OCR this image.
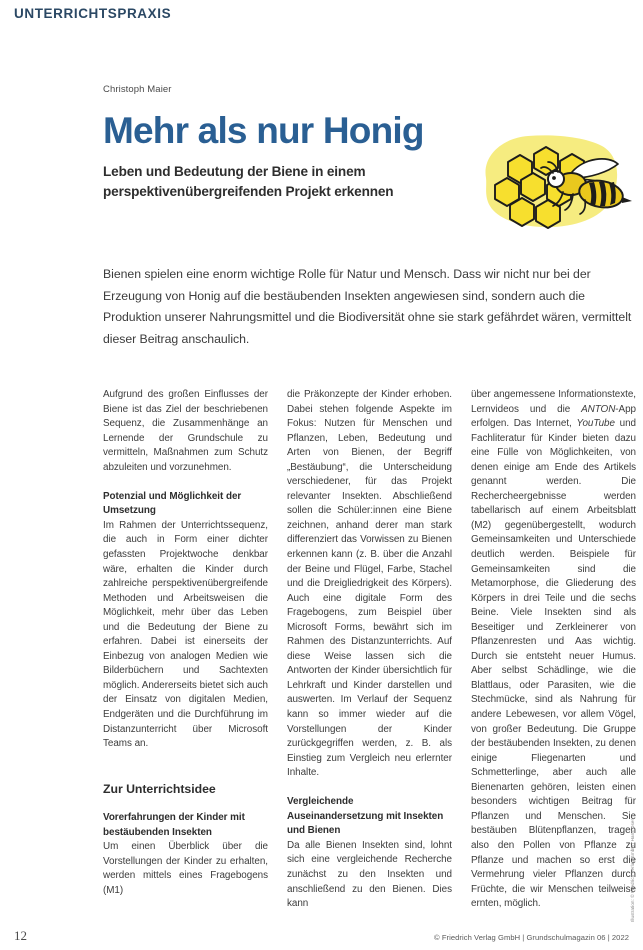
UNTERRICHTSPRAXIS
Christoph Maier
Mehr als nur Honig

Leben und Bedeutung der Biene in einem perspektivenübergreifenden Projekt erkennen

Bienen spielen eine enorm wichtige Rolle für Natur und Mensch. Dass wir nicht nur bei der Erzeugung von Honig auf die bestäubenden Insekten angewiesen sind, sondern auch die Produktion unserer Nahrungsmittel und die Biodiversität ohne sie stark gefährdet wären, vermittelt dieser Beitrag anschaulich.

Aufgrund des großen Einflusses der Biene ist das Ziel der beschriebenen Sequenz, die Zusammenhänge an Lernende der Grundschule zu vermitteln, Maßnahmen zum Schutz abzuleiten und vorzunehmen.

Potenzial und Möglichkeit der Umsetzung

Im Rahmen der Unterrichtssequenz, die auch in Form einer dichter gefassten Projektwoche denkbar wäre, erhalten die Kinder durch zahlreiche perspektivenübergreifende Methoden und Arbeitsweisen die Möglichkeit, mehr über das Leben und die Bedeutung der Biene zu erfahren. Dabei ist einerseits der Einbezug von analogen Medien wie Bilderbüchern und Sachtexten möglich. Andererseits bietet sich auch der Einsatz von digitalen Medien, Endgeräten und die Durchführung im Distanzunterricht über Microsoft Teams an.

Zur Unterrichtsidee
Vorerfahrungen der Kinder mit bestäubenden Insekten

Um einen Überblick über die Vorstellungen der Kinder zu erhalten, werden mittels eines Fragebogens (M1)

die Präkonzepte der Kinder erhoben. Dabei stehen folgende Aspekte im Fokus: Nutzen für Menschen und Pflanzen, Leben, Bedeutung und Arten von Bienen, der Begriff „Bestäubung“, die Unterscheidung verschiedener, für das Projekt relevanter Insekten. Abschließend sollen die Schüler:innen eine Biene zeichnen, anhand derer man stark differenziert das Vorwissen zu Bienen erkennen kann (z. B. über die Anzahl der Beine und Flügel, Farbe, Stachel und die Dreigliedrigkeit des Körpers). Auch eine digitale Form des Fragebogens, zum Beispiel über Microsoft Forms, bewährt sich im Rahmen des Distanzunterrichts. Auf diese Weise lassen sich die Antworten der Kinder übersichtlich für Lehrkraft und Kinder darstellen und auswerten. Im Verlauf der Sequenz kann so immer wieder auf die Vorstellungen der Kinder zurückgegriffen werden, z. B. als Einstieg zum Vergleich neu erlernter Inhalte.

Vergleichende Auseinandersetzung mit Insekten und Bienen

Da alle Bienen Insekten sind, lohnt sich eine vergleichende Recherche zunächst zu den Insekten und anschließend zu den Bienen. Dies kann

über angemessene Informationstexte, Lernvideos und die ANTON-App erfolgen. Das Internet, YouTube und Fachliteratur für Kinder bieten dazu eine Fülle von Möglichkeiten, von denen einige am Ende des Artikels genannt werden. Die Rechercheergebnisse werden tabellarisch auf einem Arbeitsblatt (M2) gegenübergestellt, wodurch Gemeinsamkeiten und Unterschiede deutlich werden. Beispiele für Gemeinsamkeiten sind die Metamorphose, die Gliederung des Körpers in drei Teile und die sechs Beine. Viele Insekten sind als Beseitiger und Zerkleinerer von Pflanzenresten und Aas wichtig. Durch sie entsteht neuer Humus. Aber selbst Schädlinge, wie die Blattlaus, oder Parasiten, wie die Stechmücke, sind als Nahrung für andere Lebewesen, vor allem Vögel, von großer Bedeutung. Die Gruppe der bestäubenden Insekten, zu denen einige Fliegenarten und Schmetterlinge, aber auch alle Bienenarten gehören, leisten einen besonders wichtigen Beitrag für Pflanzen und Menschen. Sie bestäuben Blütenpflanzen, tragen also den Pollen von Pflanze zu Pflanze und machen so erst die Vermehrung vieler Pflanzen durch Früchte, die wir Menschen teilweise ernten, möglich.	Illustration: © Friedrich Verlag GmbH | Hans Oser
12	© Friedrich Verlag GmbH | Grundschulmagazin 06 | 2022
